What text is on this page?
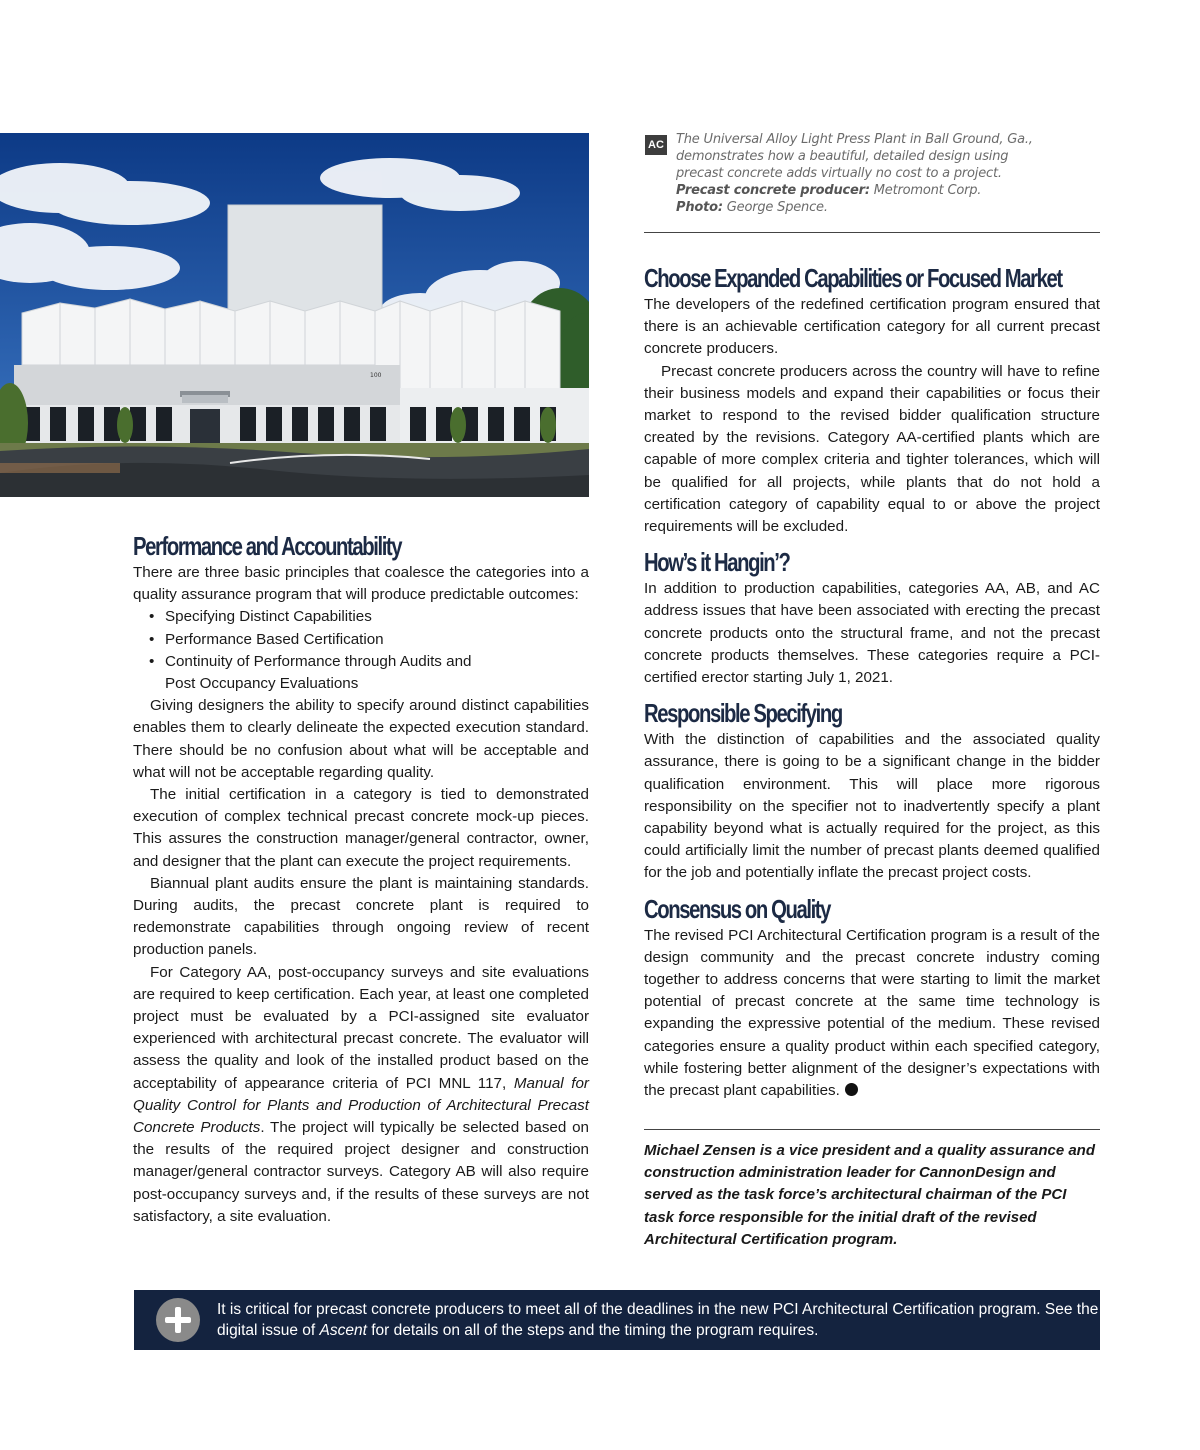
100
AC The Universal Alloy Light Press Plant in Ball Ground, Ga.,
demonstrates how a beautiful, detailed design using
precast concrete adds virtually no cost to a project.
Precast concrete producer: Metromont Corp.
Photo: George Spence.
Performance and Accountability

There are three basic principles that coalesce the categories into a quality assurance program that will produce predictable outcomes:

• Specifying Distinct Capabilities
• Performance Based Certification
• Continuity of Performance through Audits and
Post Occupancy Evaluations

Giving designers the ability to specify around distinct capabilities enables them to clearly delineate the expected execution standard. There should be no confusion about what will be acceptable and what will not be acceptable regarding quality.

The initial certification in a category is tied to demonstrated execution of complex technical precast concrete mock-up pieces. This assures the construction manager/general contractor, owner, and designer that the plant can execute the project requirements.

Biannual plant audits ensure the plant is maintaining standards. During audits, the precast concrete plant is required to redemonstrate capabilities through ongoing review of recent production panels.

For Category AA, post-occupancy surveys and site evaluations are required to keep certification. Each year, at least one completed project must be evaluated by a PCI-assigned site evaluator experienced with architectural precast concrete. The evaluator will assess the quality and look of the installed product based on the acceptability of appearance criteria of PCI MNL 117, Manual for Quality Control for Plants and Production of Architectural Precast Concrete Products. The project will typically be selected based on the results of the required project designer and construction manager/general contractor surveys. Category AB will also require post-occupancy surveys and, if the results of these surveys are not satisfactory, a site evaluation.

Choose Expanded Capabilities or Focused Market

The developers of the redefined certification program ensured that there is an achievable certification category for all current precast concrete producers.

Precast concrete producers across the country will have to refine their business models and expand their capabilities or focus their market to respond to the revised bidder qualification structure created by the revisions. Category AA-certified plants which are capable of more complex criteria and tighter tolerances, which will be qualified for all projects, while plants that do not hold a certification category of capability equal to or above the project requirements will be excluded.

How’s it Hangin’?

In addition to production capabilities, categories AA, AB, and AC address issues that have been associated with erecting the precast concrete products onto the structural frame, and not the precast concrete products themselves. These categories require a PCI-certified erector starting July 1, 2021.

Responsible Specifying

With the distinction of capabilities and the associated quality assurance, there is going to be a significant change in the bidder qualification environment. This will place more rigorous responsibility on the specifier not to inadvertently specify a plant capability beyond what is actually required for the project, as this could artificially limit the number of precast plants deemed qualified for the job and potentially inflate the precast project costs.

Consensus on Quality

The revised PCI Architectural Certification program is a result of the design community and the precast concrete industry coming together to address concerns that were starting to limit the market potential of precast concrete at the same time technology is expanding the expressive potential of the medium. These revised categories ensure a quality product within each specified category, while fostering better alignment of the designer’s expectations with the precast plant capabilities.

Michael Zensen is a vice president and a quality assurance and construction administration leader for CannonDesign and served as the task force’s architectural chairman of the PCI task force responsible for the initial draft of the revised Architectural Certification program.

It is critical for precast concrete producers to meet all of the deadlines in the new PCI Architectural Certification program. See the digital issue of Ascent for details on all of the steps and the timing the program requires.
